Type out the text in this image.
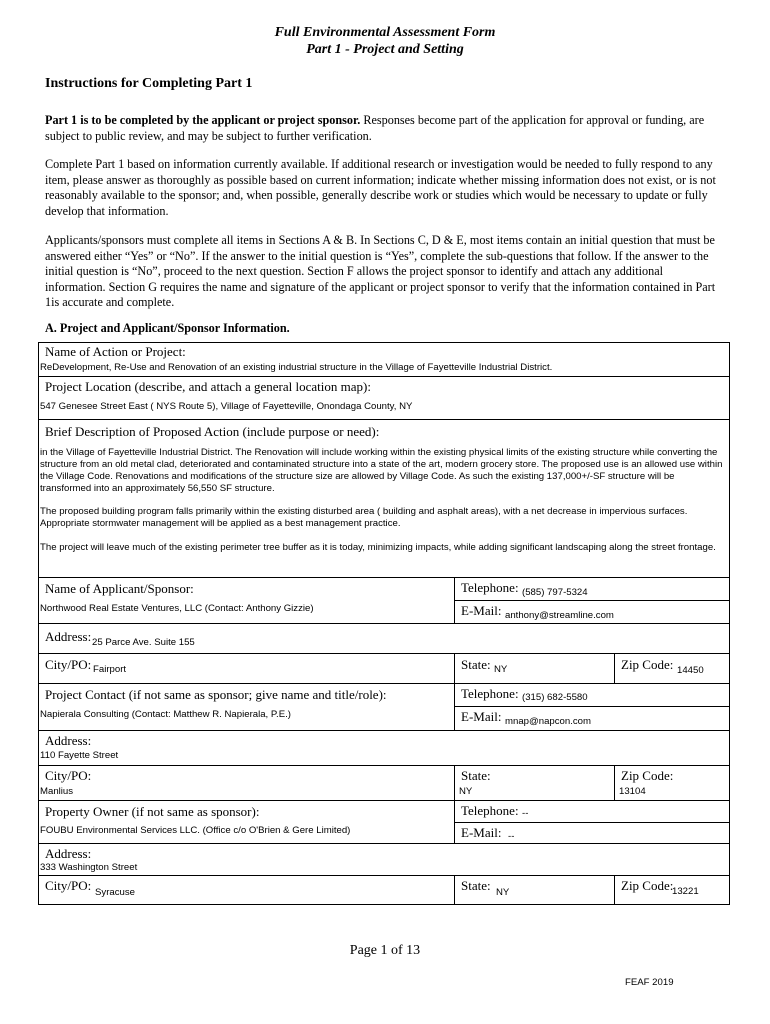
Full Environmental Assessment Form
Part 1 - Project and Setting
Instructions for Completing Part 1
Part 1 is to be completed by the applicant or project sponsor. Responses become part of the application for approval or funding, are subject to public review, and may be subject to further verification.
Complete Part 1 based on information currently available. If additional research or investigation would be needed to fully respond to any item, please answer as thoroughly as possible based on current information; indicate whether missing information does not exist, or is not reasonably available to the sponsor; and, when possible, generally describe work or studies which would be necessary to update or fully develop that information.
Applicants/sponsors must complete all items in Sections A & B. In Sections C, D & E, most items contain an initial question that must be answered either “Yes” or “No”. If the answer to the initial question is “Yes”, complete the sub-questions that follow. If the answer to the initial question is “No”, proceed to the next question. Section F allows the project sponsor to identify and attach any additional information. Section G requires the name and signature of the applicant or project sponsor to verify that the information contained in Part 1is accurate and complete.
A. Project and Applicant/Sponsor Information.
Name of Action or Project:
ReDevelopment, Re-Use and Renovation of an existing industrial structure in the Village of Fayetteville Industrial District.
Project Location (describe, and attach a general location map):
547 Genesee Street East ( NYS Route 5), Village of Fayetteville, Onondaga County, NY
Brief Description of Proposed Action (include purpose or need):
in the Village of Fayetteville Industrial District. The Renovation will include working within the existing physical limits of the existing structure while converting the structure from an old metal clad, deteriorated and contaminated structure into a state of the art, modern grocery store. The proposed use is an allowed use within the Village Code. Renovations and modifications of the structure size are allowed by Village Code. As such the existing 137,000+/-SF structure will be transformed into an approximately 56,550 SF structure.
The proposed building program falls primarily within the existing disturbed area ( building and asphalt areas), with a net decrease in impervious surfaces. Appropriate stormwater management will be applied as a best management practice.
The project will leave much of the existing perimeter tree buffer as it is today, minimizing impacts, while adding significant landscaping along the street frontage.
Name of Applicant/Sponsor:
Northwood Real Estate Ventures, LLC (Contact: Anthony Gizzie)
Telephone: (585) 797-5324
E-Mail: anthony@streamline.com
Address: 25 Parce Ave. Suite 155
City/PO: Fairport	State: NY	Zip Code: 14450
Project Contact (if not same as sponsor; give name and title/role):
Napierala Consulting (Contact: Matthew R. Napierala, P.E.)
Telephone: (315) 682-5580
E-Mail: mnap@napcon.com
Address:
110 Fayette Street
City/PO:
Manlius
State:
NY
Zip Code:
13104
Property Owner (if not same as sponsor):
FOUBU Environmental Services LLC. (Office c/o O'Brien & Gere Limited)
Telephone: --
E-Mail: --
Address:
333 Washington Street
City/PO: Syracuse	State: NY	Zip Code:
13221
Page 1 of 13
FEAF 2019
